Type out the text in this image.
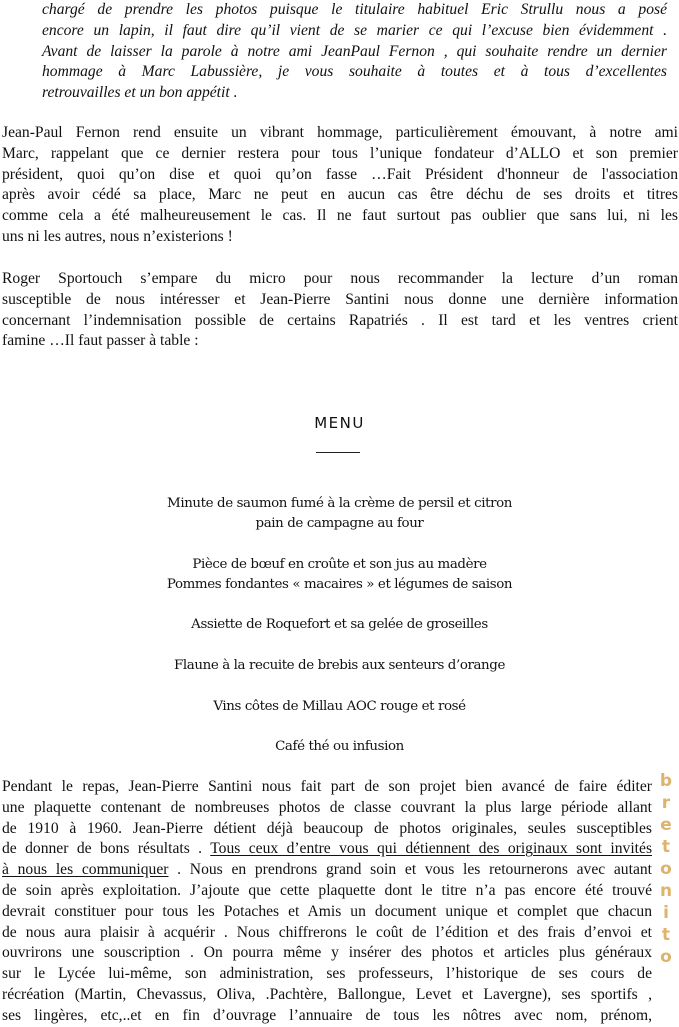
chargé de prendre les photos puisque le titulaire habituel Eric Strullu nous a posé
encore un lapin, il faut dire qu’il vient de se marier ce qui l’excuse bien évidemment .
Avant de laisser la parole à notre ami JeanPaul Fernon , qui souhaite rendre un dernier
hommage à Marc Labussière, je vous souhaite à toutes et à tous d’excellentes
retrouvailles et un bon appétit .
Jean-Paul Fernon rend ensuite un vibrant hommage, particulièrement émouvant, à notre ami
Marc, rappelant que ce dernier restera pour tous l’unique fondateur d’ALLO et son premier
président, quoi qu’on dise et quoi qu’on fasse …Fait Président d'honneur de l'association
après avoir cédé sa place, Marc ne peut en aucun cas être déchu de ses droits et titres
comme cela a été malheureusement le cas. Il ne faut surtout pas oublier que sans lui, ni les
uns ni les autres, nous n’existerions !
Roger Sportouch s’empare du micro pour nous recommander la lecture d’un roman
susceptible de nous intéresser et Jean-Pierre Santini nous donne une dernière information
concernant l’indemnisation possible de certains Rapatriés . Il est tard et les ventres crient
famine …Il faut passer à table :
MENU
Minute de saumon fumé à la crème de persil et citron
pain de campagne au four
Pièce de bœuf en croûte et son jus au madère
Pommes fondantes « macaires » et légumes de saison
Assiette de Roquefort et sa gelée de groseilles
Flaune à la recuite de brebis aux senteurs d’orange
Vins côtes de Millau AOC rouge et rosé
Café thé ou infusion
Pendant le repas, Jean-Pierre Santini nous fait part de son projet bien avancé de faire éditer
une plaquette contenant de nombreuses photos de classe couvrant la plus large période allant
de 1910 à 1960. Jean-Pierre détient déjà beaucoup de photos originales, seules susceptibles
de donner de bons résultats . Tous ceux d’entre vous qui détiennent des originaux sont invités
à nous les communiquer . Nous en prendrons grand soin et vous les retournerons avec autant
de soin après exploitation. J’ajoute que cette plaquette dont le titre n’a pas encore été trouvé
devrait constituer pour tous les Potaches et Amis un document unique et complet que chacun
de nous aura plaisir à acquérir . Nous chiffrerons le coût de l’édition et des frais d’envoi et
ouvrirons une souscription . On pourra même y insérer des photos et articles plus généraux
sur le Lycée lui-même, son administration, ses professeurs, l’historique de ses cours de
récréation (Martin, Chevassus, Oliva, .Pachtère, Ballongue, Levet et Lavergne), ses sportifs ,
ses lingères, etc,..et en fin d’ouvrage l’annuaire de tous les nôtres avec nom, prénom,
b
r
e
t
o
n
i
t
o
